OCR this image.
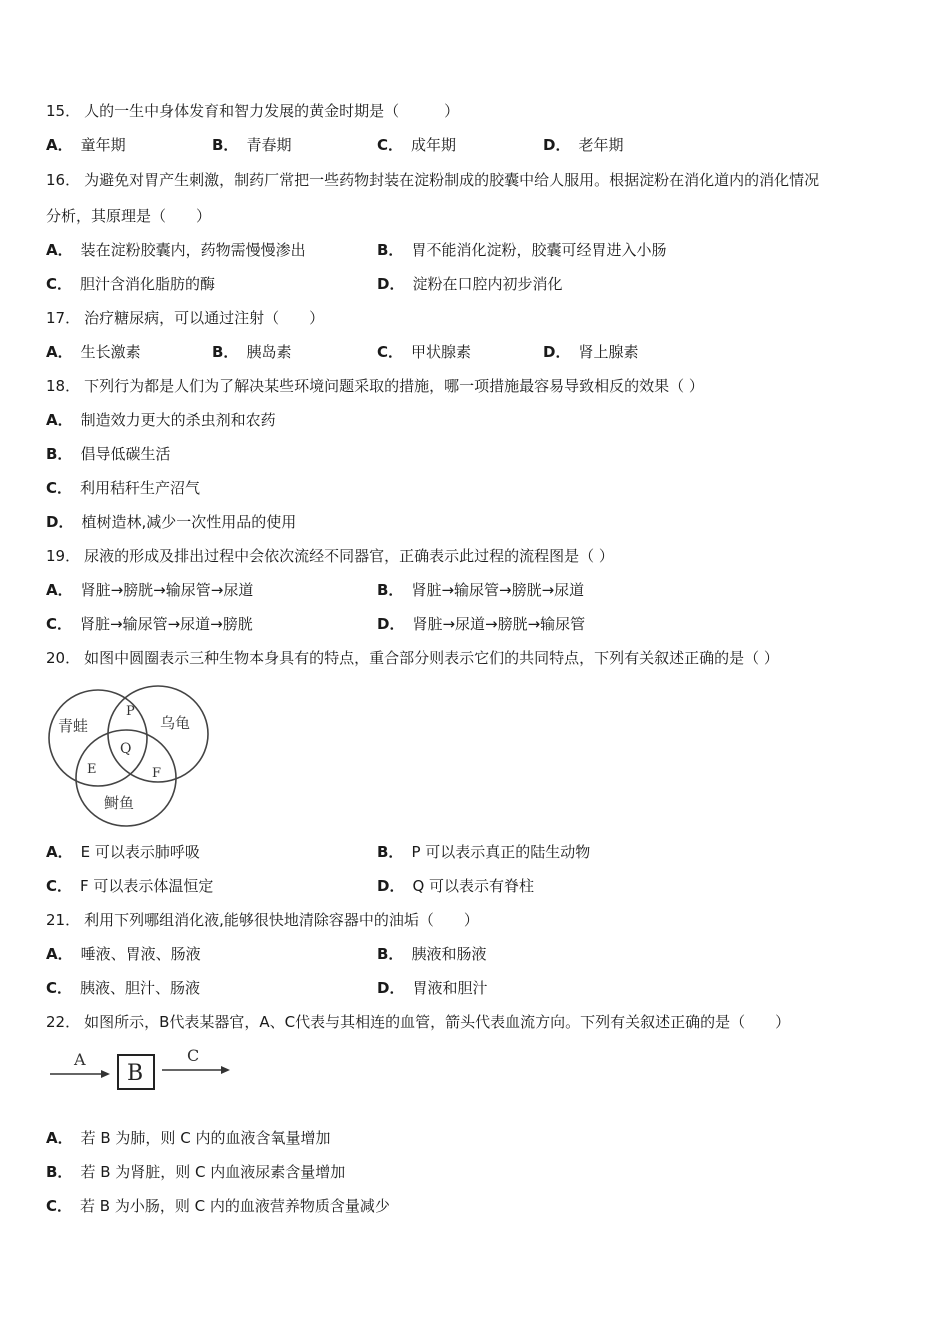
15． 人的一生中身体发育和智力发展的黄金时期是（　　　）
A． 童年期	B． 青春期	C． 成年期	D． 老年期
16． 为避免对胃产生刺激，制药厂常把一些药物封装在淀粉制成的胶囊中给人服用。根据淀粉在消化道内的消化情况
分析，其原理是（　　）
A． 装在淀粉胶囊内，药物需慢慢渗出	B． 胃不能消化淀粉，胶囊可经胃进入小肠
C． 胆汁含消化脂肪的酶	D． 淀粉在口腔内初步消化
17． 治疗糖尿病，可以通过注射（　　）
A． 生长激素	B． 胰岛素	C． 甲状腺素	D． 肾上腺素
18． 下列行为都是人们为了解决某些环境问题采取的措施，哪一项措施最容易导致相反的效果（ ）
A． 制造效力更大的杀虫剂和农药
B． 倡导低碳生活
C． 利用秸秆生产沼气
D． 植树造林,减少一次性用品的使用
19． 尿液的形成及排出过程中会依次流经不同器官，正确表示此过程的流程图是（ ）
A． 肾脏→膀胱→输尿管→尿道	B． 肾脏→输尿管→膀胱→尿道
C． 肾脏→输尿管→尿道→膀胱	D． 肾脏→尿道→膀胱→输尿管
20． 如图中圆圈表示三种生物本身具有的特点，重合部分则表示它们的共同特点，下列有关叙述正确的是（ ）
青蛙	乌龟
鲥鱼
P
Q
E	F
A． E 可以表示肺呼吸	B． P 可以表示真正的陆生动物
C． F 可以表示体温恒定	D． Q 可以表示有脊柱
21． 利用下列哪组消化液,能够很快地清除容器中的油垢（　　）
A． 唾液、胃液、肠液	B． 胰液和肠液
C． 胰液、胆汁、肠液	D． 胃液和胆汁
22． 如图所示，B代表某器官，A、C代表与其相连的血管，箭头代表血流方向。下列有关叙述正确的是（　　）
A
B
C
A． 若 B 为肺，则 C 内的血液含氧量增加
B． 若 B 为肾脏，则 C 内血液尿素含量增加
C． 若 B 为小肠，则 C 内的血液营养物质含量减少
